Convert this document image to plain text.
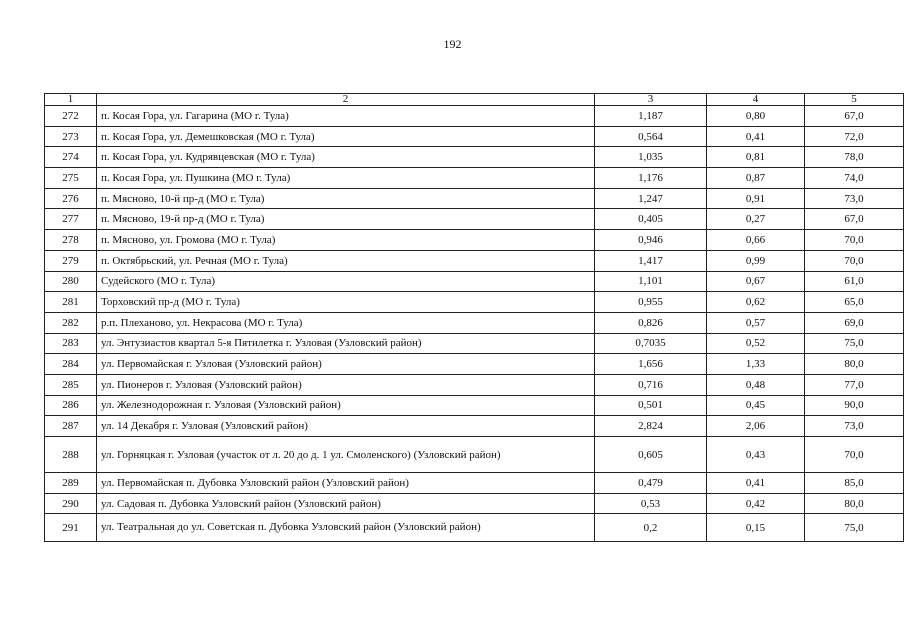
192
1	2	3	4	5
272	п. Косая Гора, ул. Гагарина (МО г. Тула)	1,187	0,80	67,0
273	п. Косая Гора, ул. Демешковская (МО г. Тула)	0,564	0,41	72,0
274	п. Косая Гора, ул. Кудрявцевская (МО г. Тула)	1,035	0,81	78,0
275	п. Косая Гора, ул. Пушкина (МО г. Тула)	1,176	0,87	74,0
276	п. Мясново, 10-й пр-д (МО г. Тула)	1,247	0,91	73,0
277	п. Мясново, 19-й пр-д (МО г. Тула)	0,405	0,27	67,0
278	п. Мясново, ул. Громова (МО г. Тула)	0,946	0,66	70,0
279	п. Октябрьский, ул. Речная (МО г. Тула)	1,417	0,99	70,0
280	Судейского (МО г. Тула)	1,101	0,67	61,0
281	Торховский пр-д (МО г. Тула)	0,955	0,62	65,0
282	р.п. Плеханово, ул. Некрасова (МО г. Тула)	0,826	0,57	69,0
283	ул. Энтузиастов квартал 5-я Пятилетка г. Узловая (Узловский район)	0,7035	0,52	75,0
284	ул. Первомайская г. Узловая (Узловский район)	1,656	1,33	80,0
285	ул. Пионеров г. Узловая (Узловский район)	0,716	0,48	77,0
286	ул. Железнодорожная г. Узловая (Узловский район)	0,501	0,45	90,0
287	ул. 14 Декабря г. Узловая (Узловский район)	2,824	2,06	73,0
288	ул. Горняцкая г. Узловая (участок от л. 20 до д. 1 ул. Смоленского) (Узловский район)	0,605	0,43	70,0
289	ул. Первомайская п. Дубовка Узловский район (Узловский район)	0,479	0,41	85,0
290	ул. Садовая п. Дубовка Узловский район (Узловский район)	0,53	0,42	80,0
291	ул. Театральная до ул. Советская п. Дубовка Узловский район (Узловский район)	0,2	0,15	75,0
